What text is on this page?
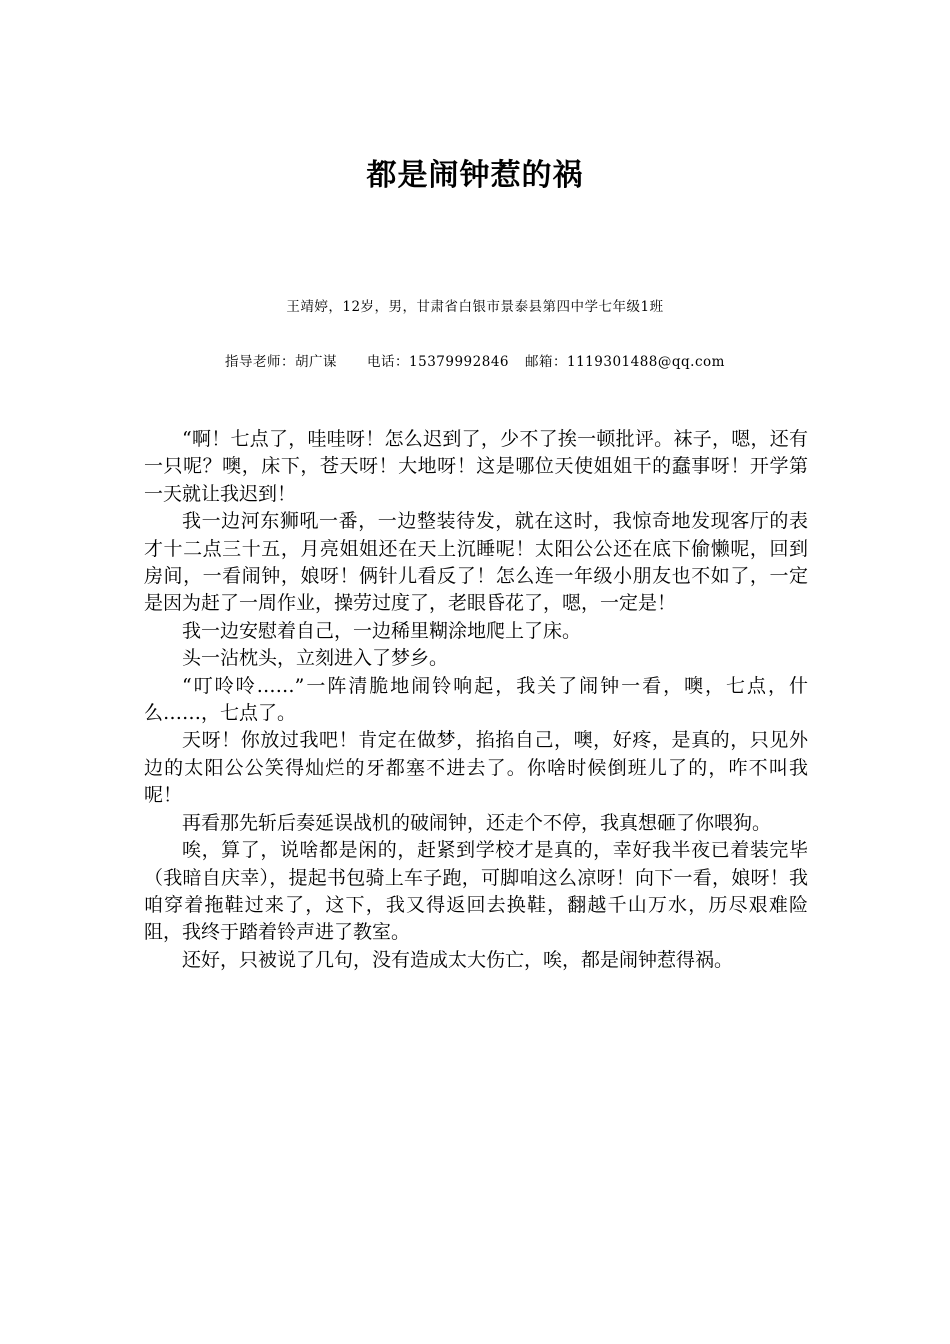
都是闹钟惹的祸
王靖婷，12岁，男，甘肃省白银市景泰县第四中学七年级1班
指导老师：胡广谋 电话：15379992846 邮箱：1119301488@qq.com

“啊！七点了，哇哇呀！怎么迟到了，少不了挨一顿批评。袜子，嗯，还有一只呢？噢，床下，苍天呀！大地呀！这是哪位天使姐姐干的蠢事呀！开学第一天就让我迟到！

我一边河东狮吼一番，一边整装待发，就在这时，我惊奇地发现客厅的表才十二点三十五，月亮姐姐还在天上沉睡呢！太阳公公还在底下偷懒呢，回到房间，一看闹钟，娘呀！俩针儿看反了！怎么连一年级小朋友也不如了，一定是因为赶了一周作业，操劳过度了，老眼昏花了，嗯，一定是！

我一边安慰着自己，一边稀里糊涂地爬上了床。

头一沾枕头，立刻进入了梦乡。

“叮呤呤……”一阵清脆地闹铃响起，我关了闹钟一看，噢，七点，什么……，七点了。

天呀！你放过我吧！肯定在做梦，掐掐自己，噢，好疼，是真的，只见外边的太阳公公笑得灿烂的牙都塞不进去了。你啥时候倒班儿了的，咋不叫我呢！

再看那先斩后奏延误战机的破闹钟，还走个不停，我真想砸了你喂狗。

唉，算了，说啥都是闲的，赶紧到学校才是真的，幸好我半夜已着装完毕（我暗自庆幸），提起书包骑上车子跑，可脚咱这么凉呀！向下一看，娘呀！我咱穿着拖鞋过来了，这下，我又得返回去换鞋，翻越千山万水，历尽艰难险阻，我终于踏着铃声进了教室。

还好，只被说了几句，没有造成太大伤亡，唉，都是闹钟惹得祸。
